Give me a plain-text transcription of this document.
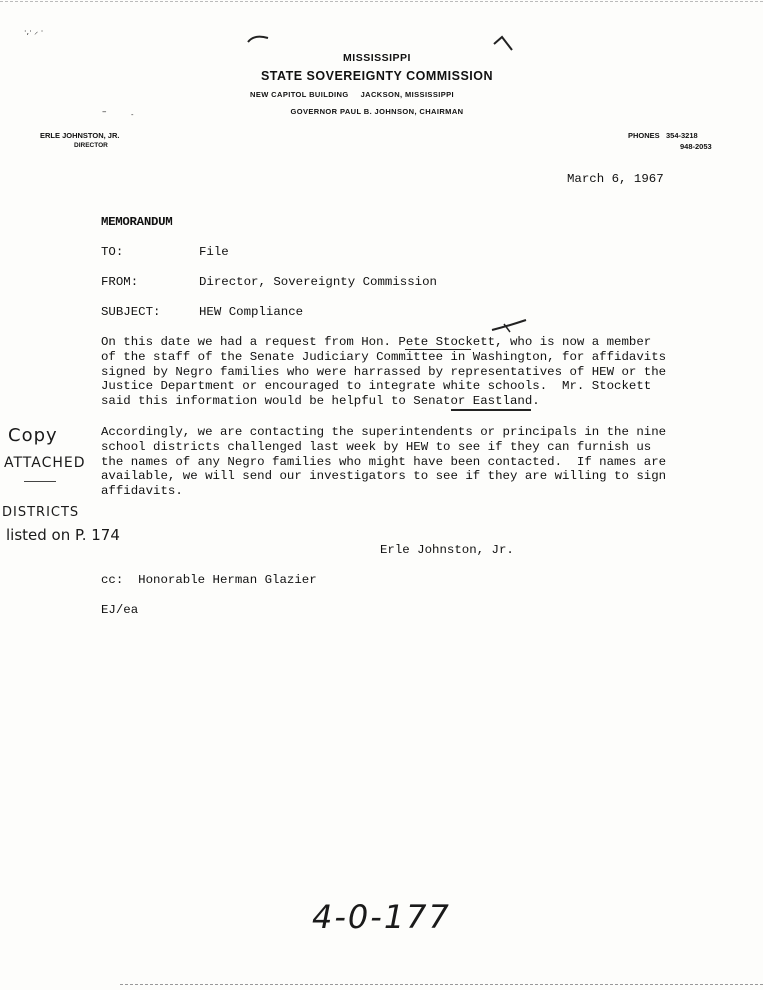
·,· ⸝ ·
–	-
MISSISSIPPI
STATE SOVEREIGNTY COMMISSION
NEW CAPITOL BUILDING JACKSON, MISSISSIPPI
GOVERNOR PAUL B. JOHNSON, CHAIRMAN
ERLE JOHNSTON, JR.
DIRECTOR
PHONES 354-3218
948-2053
March 6, 1967
MEMORANDUM
TO:	File
FROM:	Director, Sovereignty Commission
SUBJECT:	HEW Compliance
On this date we had a request from Hon. Pete Stockett, who is now a member
of the staff of the Senate Judiciary Committee in Washington, for affidavits
signed by Negro families who were harrassed by representatives of HEW or the
Justice Department or encouraged to integrate white schools.  Mr. Stockett
said this information would be helpful to Senator Eastland.
Accordingly, we are contacting the superintendents or principals in the nine
school districts challenged last week by HEW to see if they can furnish us
the names of any Negro families who might have been contacted.  If names are
available, we will send our investigators to see if they are willing to sign
affidavits.
Erle Johnston, Jr.
cc:  Honorable Herman Glazier
EJ/ea
Copy
ATTACHED
DISTRICTS
listed on P. 174
4-0-177
